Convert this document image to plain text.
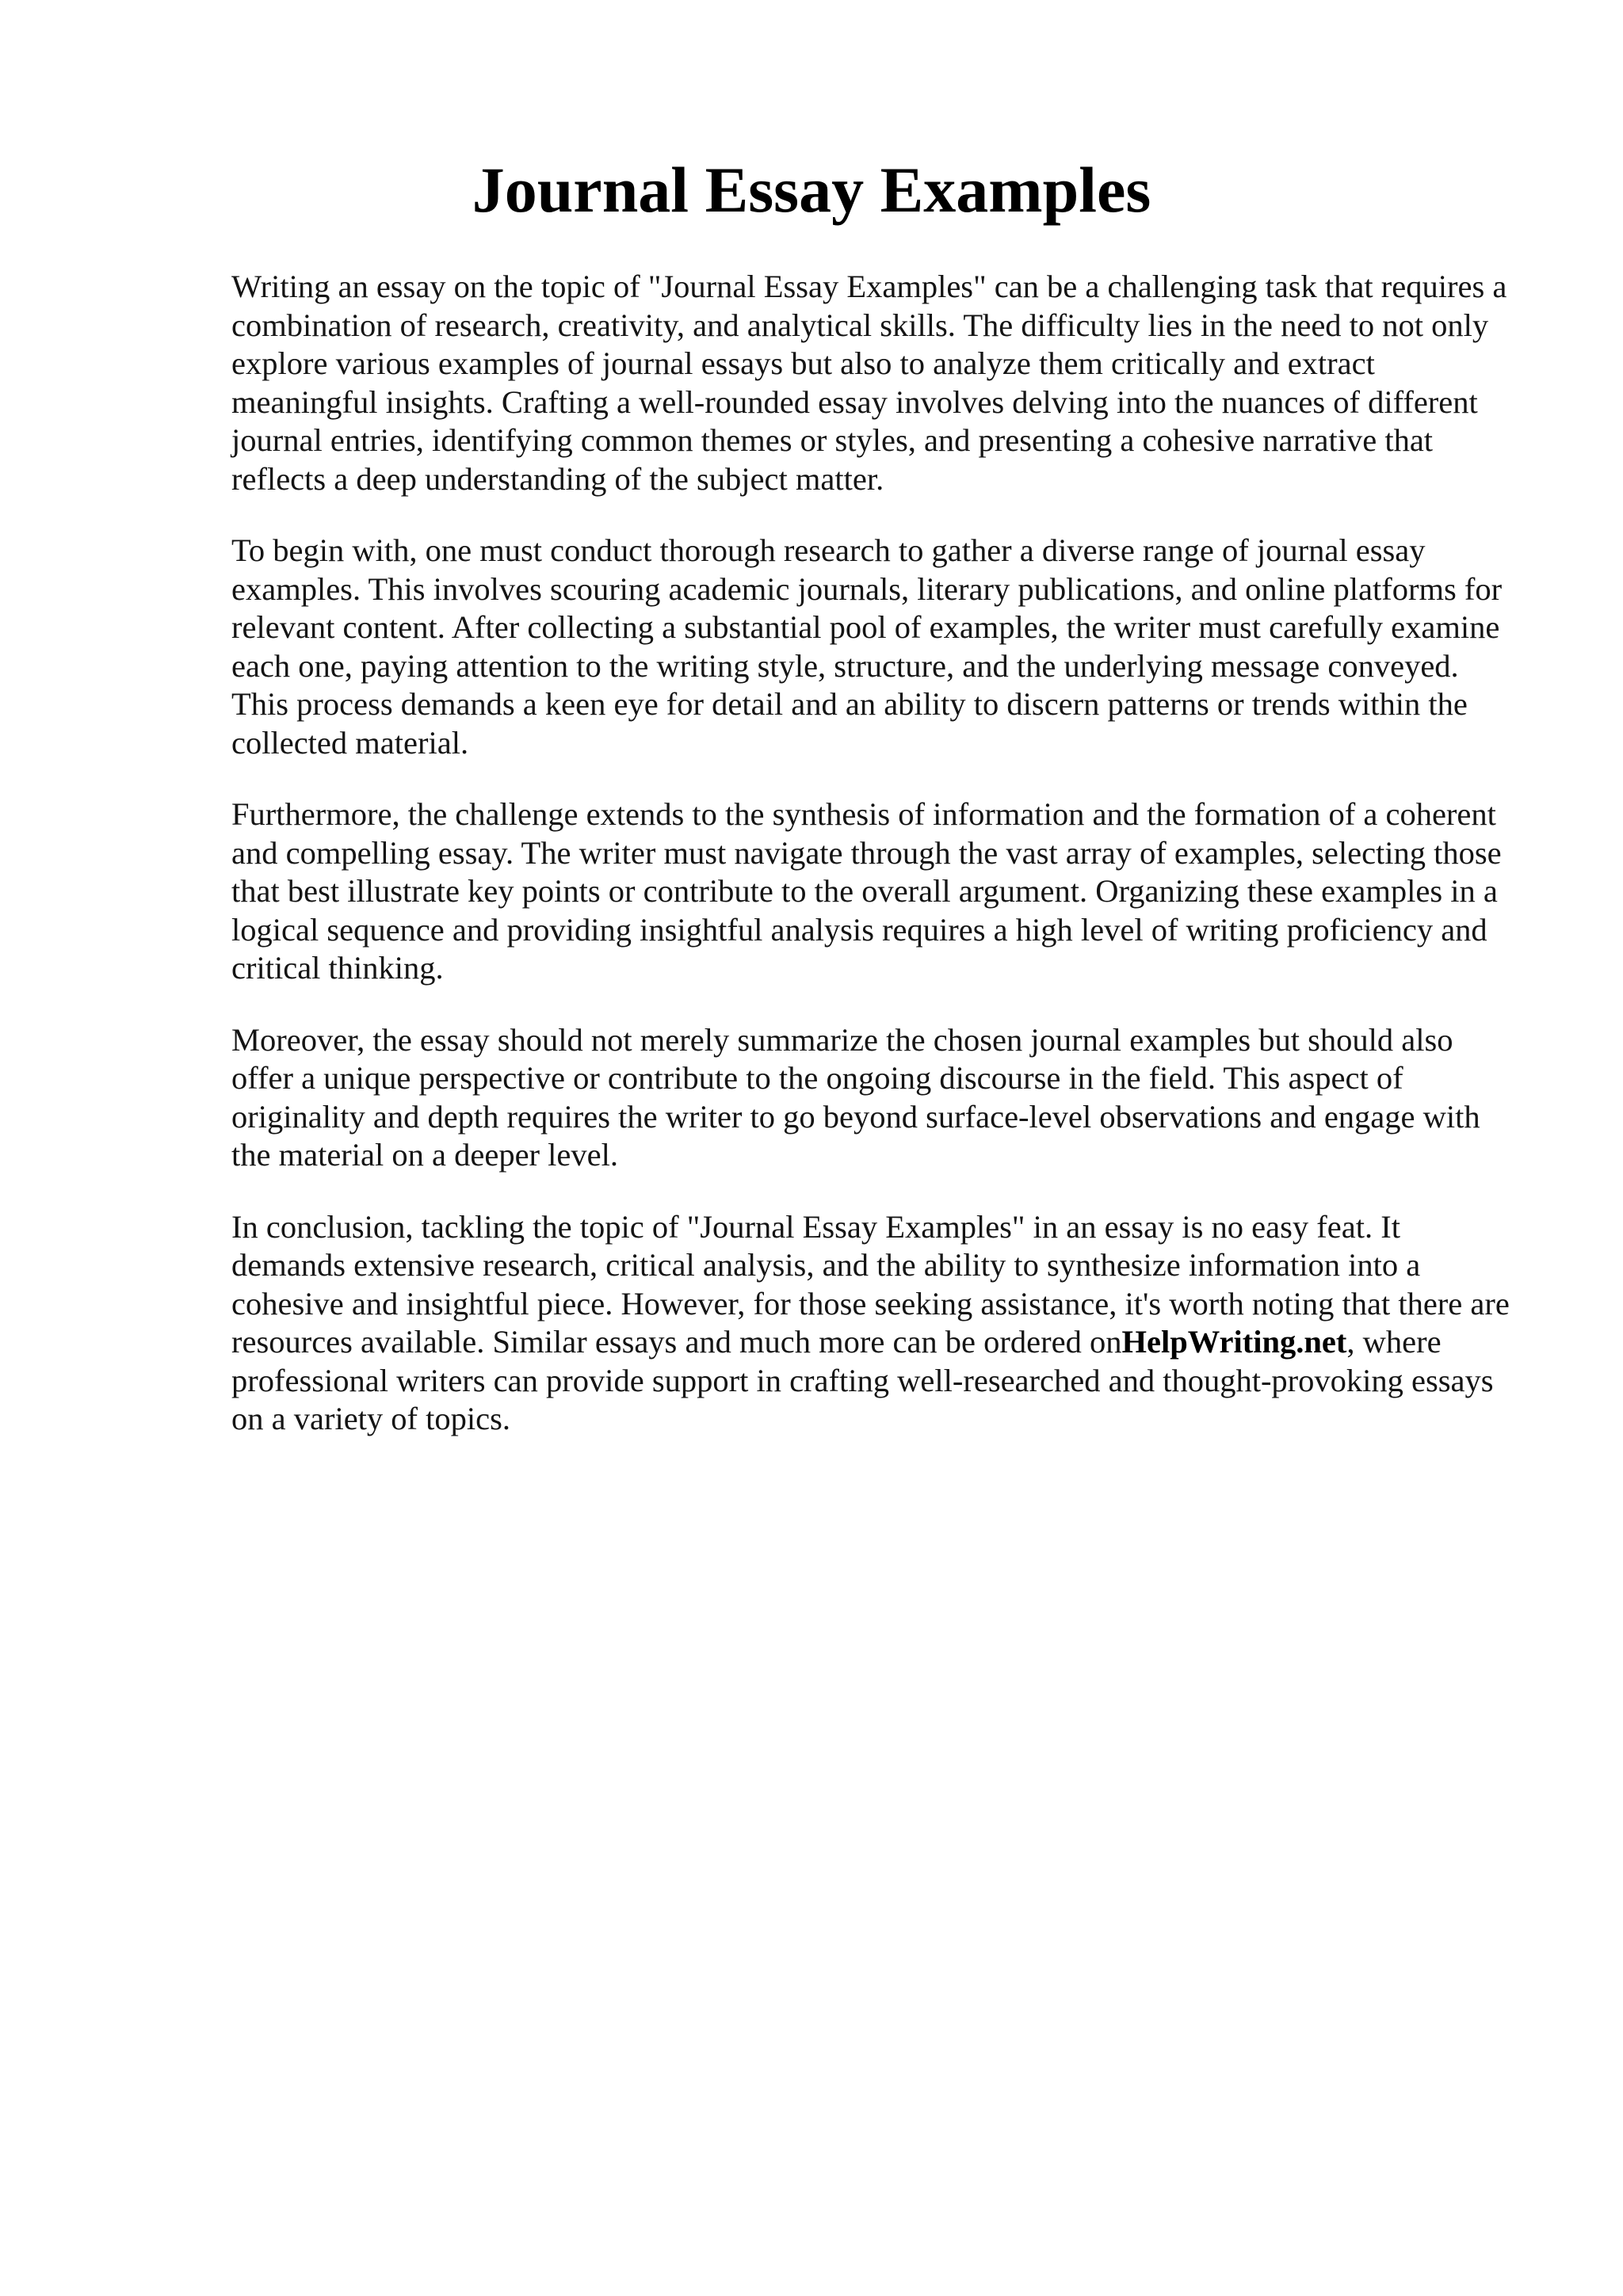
Journal Essay Examples

Writing an essay on the topic of "Journal Essay Examples" can be a challenging task that requires a combination of research, creativity, and analytical skills. The difficulty lies in the need to not only explore various examples of journal essays but also to analyze them critically and extract meaningful insights. Crafting a well-rounded essay involves delving into the nuances of different journal entries, identifying common themes or styles, and presenting a cohesive narrative that reflects a deep understanding of the subject matter.

To begin with, one must conduct thorough research to gather a diverse range of journal essay examples. This involves scouring academic journals, literary publications, and online platforms for relevant content. After collecting a substantial pool of examples, the writer must carefully examine each one, paying attention to the writing style, structure, and the underlying message conveyed. This process demands a keen eye for detail and an ability to discern patterns or trends within the collected material.

Furthermore, the challenge extends to the synthesis of information and the formation of a coherent and compelling essay. The writer must navigate through the vast array of examples, selecting those that best illustrate key points or contribute to the overall argument. Organizing these examples in a logical sequence and providing insightful analysis requires a high level of writing proficiency and critical thinking.

Moreover, the essay should not merely summarize the chosen journal examples but should also offer a unique perspective or contribute to the ongoing discourse in the field. This aspect of originality and depth requires the writer to go beyond surface-level observations and engage with the material on a deeper level.

In conclusion, tackling the topic of "Journal Essay Examples" in an essay is no easy feat. It demands extensive research, critical analysis, and the ability to synthesize information into a cohesive and insightful piece. However, for those seeking assistance, it's worth noting that there are resources available. Similar essays and much more can be ordered onHelpWriting.net, where professional writers can provide support in crafting well-researched and thought-provoking essays on a variety of topics.
